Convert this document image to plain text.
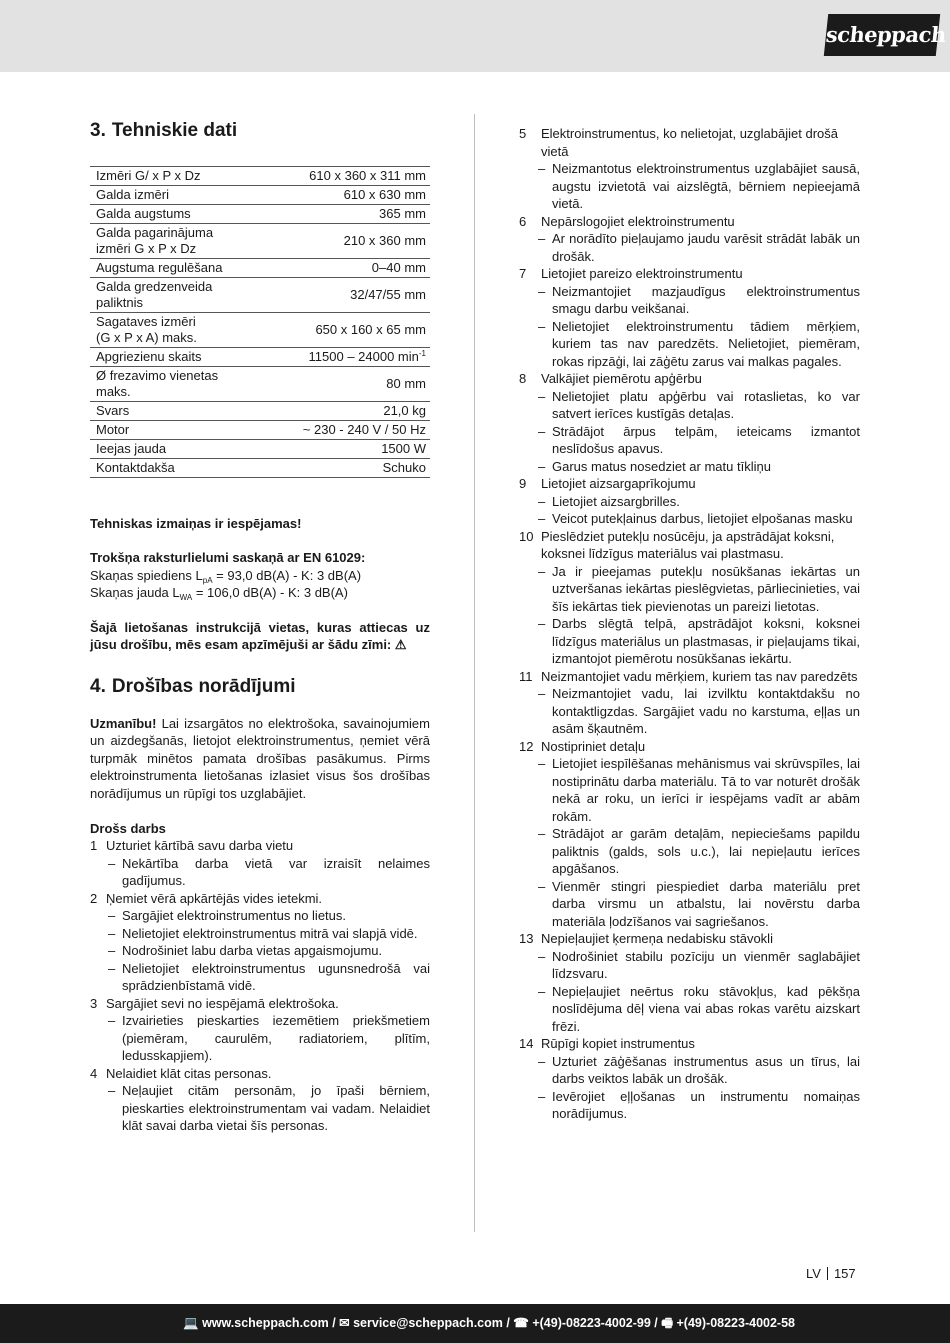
scheppach
3. Tehniskie dati
Izmēri G/ x P x Dz	610 x 360 x 311 mm
Galda izmēri	610 x 630 mm
Galda augstums	365 mm
Galda pagarinājuma
izmēri G x P x Dz	210 x 360 mm
Augstuma regulēšana	0–40 mm
Galda gredzenveida
paliktnis	32/47/55 mm
Sagataves izmēri
(G x P x A) maks.	650 x 160 x 65 mm
Apgriezienu skaits	11500 – 24000 $\min^{-1}$
Ø frezavimo vienetas
maks.	80 mm
Svars	21,0 kg
Motor	~ 230 - 240 V / 50 Hz
Ieejas jauda	1500 W
Kontaktdakša	Schuko
Tehniskas izmaiņas ir iespējamas!
Trokšņa raksturlielumi saskaņā ar EN 61029:
Skaņas spiediens $L_{pA} = 93,0$ dB(A) - K: 3 dB(A)
Skaņas jauda $L_{WA} = 106,0$ dB(A) - K: 3 dB(A)
Šajā lietošanas instrukcijā vietas, kuras attiecas uz jūsu drošību, mēs esam apzīmējuši ar šādu zīmi: ⚠
4. Drošības norādījumi
Uzmanību! Lai izsargātos no elektrošoka, savainojumiem un aizdegšanās, lietojot elektroinstrumentus, ņemiet vērā turpmāk minētos pamata drošības pasākumus. Pirms elektroinstrumenta lietošanas izlasiet visus šos drošības norādījumus un rūpīgi tos uzglabājiet.
Drošs darbs
1 Uzturiet kārtībā savu darba vietu
– Nekārtība darba vietā var izraisīt nelaimes gadījumus.
2 Ņemiet vērā apkārtējās vides ietekmi.
– Sargājiet elektroinstrumentus no lietus.
– Nelietojiet elektroinstrumentus mitrā vai slapjā vidē.
– Nodrošiniet labu darba vietas apgaismojumu.
– Nelietojiet elektroinstrumentus ugunsnedrošā vai sprādzienbīstamā vidē.
3 Sargājiet sevi no iespējamā elektrošoka.
– Izvairieties pieskarties iezemētiem priekšmetiem (piemēram, caurulēm, radiatoriem, plītīm, ledusskapjiem).
4 Nelaidiet klāt citas personas.
– Neļaujiet citām personām, jo īpaši bērniem, pieskarties elektroinstrumentam vai vadam. Nelaidiet klāt savai darba vietai šīs personas.
5 Elektroinstrumentus, ko nelietojat, uzglabājiet drošā vietā
– Neizmantotus elektroinstrumentus uzglabājiet sausā, augstu izvietotā vai aizslēgtā, bērniem nepieejamā vietā.
6 Nepārslogojiet elektroinstrumentu
– Ar norādīto pieļaujamo jaudu varēsit strādāt labāk un drošāk.
7 Lietojiet pareizo elektroinstrumentu
– Neizmantojiet mazjaudīgus elektroinstrumentus smagu darbu veikšanai.
– Nelietojiet elektroinstrumentu tādiem mērķiem, kuriem tas nav paredzēts. Nelietojiet, piemēram, rokas ripzāģi, lai zāģētu zarus vai malkas pagales.
8 Valkājiet piemērotu apģērbu
– Nelietojiet platu apģērbu vai rotaslietas, ko var satvert ierīces kustīgās detaļas.
– Strādājot ārpus telpām, ieteicams izmantot neslīdošus apavus.
– Garus matus nosedziet ar matu tīkliņu
9 Lietojiet aizsargaprīkojumu
– Lietojiet aizsargbrilles.
– Veicot putekļainus darbus, lietojiet elpošanas masku
10 Pieslēdziet putekļu nosūcēju, ja apstrādājat koksni, koksnei līdzīgus materiālus vai plastmasu.
– Ja ir pieejamas putekļu nosūkšanas iekārtas un uztveršanas iekārtas pieslēgvietas, pārliecinieties, vai šīs iekārtas tiek pievienotas un pareizi lietotas.
– Darbs slēgtā telpā, apstrādājot koksni, koksnei līdzīgus materiālus un plastmasas, ir pieļaujams tikai, izmantojot piemērotu nosūkšanas iekārtu.
11 Neizmantojiet vadu mērķiem, kuriem tas nav paredzēts
– Neizmantojiet vadu, lai izvilktu kontaktdakšu no kontaktligzdas. Sargājiet vadu no karstuma, eļļas un asām šķautnēm.
12 Nostipriniet detaļu
– Lietojiet iespīlēšanas mehānismus vai skrūvspīles, lai nostiprinātu darba materiālu. Tā to var noturēt drošāk nekā ar roku, un ierīci ir iespējams vadīt ar abām rokām.
– Strādājot ar garām detaļām, nepieciešams papildu paliktnis (galds, sols u.c.), lai nepieļautu ierīces apgāšanos.
– Vienmēr stingri piespiediet darba materiālu pret darba virsmu un atbalstu, lai novērstu darba materiāla ļodzīšanos vai sagriešanos.
13 Nepieļaujiet ķermeņa nedabisku stāvokli
– Nodrošiniet stabilu pozīciju un vienmēr saglabājiet līdzsvaru.
– Nepieļaujiet neērtus roku stāvokļus, kad pēkšņa noslīdējuma dēļ viena vai abas rokas varētu aizskart frēzi.
14 Rūpīgi kopiet instrumentus
– Uzturiet zāģēšanas instrumentus asus un tīrus, lai darbs veiktos labāk un drošāk.
– Ievērojiet eļļošanas un instrumentu nomaiņas norādījumus.
LV 157
💻 www.scheppach.com / ✉ service@scheppach.com / ☎ +(49)-08223-4002-99 / 🖷 +(49)-08223-4002-58
